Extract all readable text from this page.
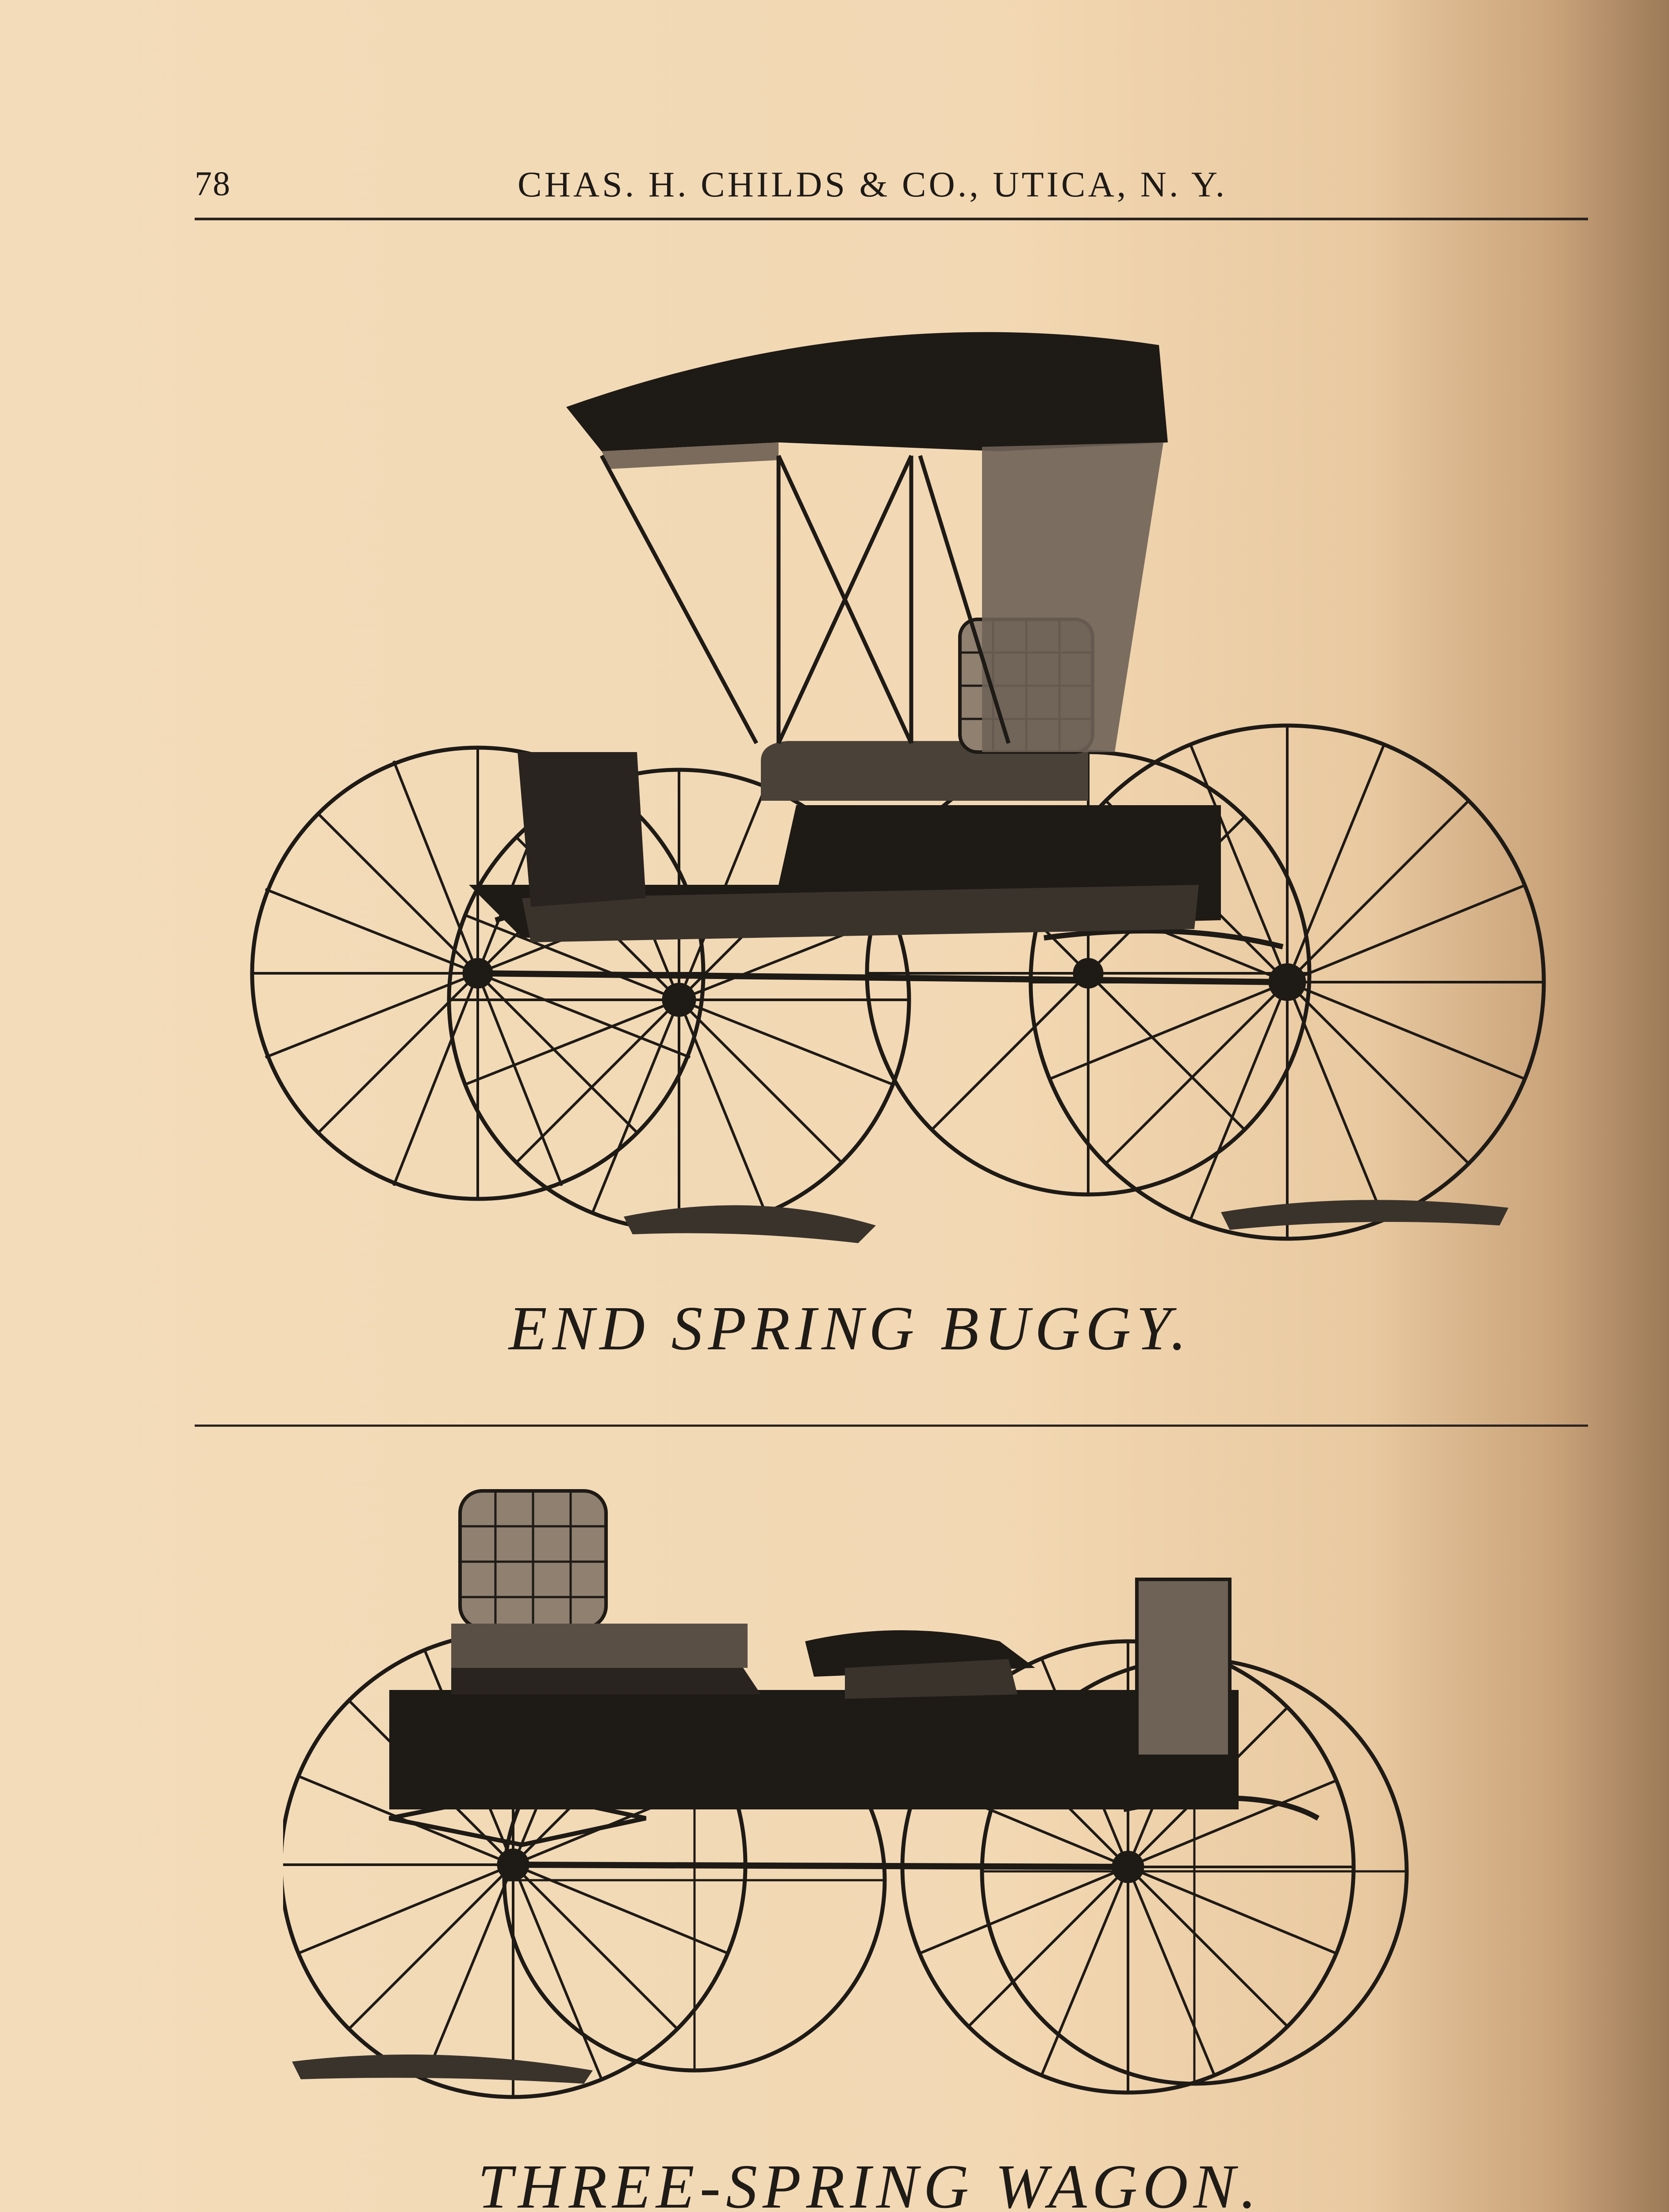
78	CHAS. H. CHILDS & CO., UTICA, N. Y.
END SPRING BUGGY.
THREE-SPRING WAGON.
